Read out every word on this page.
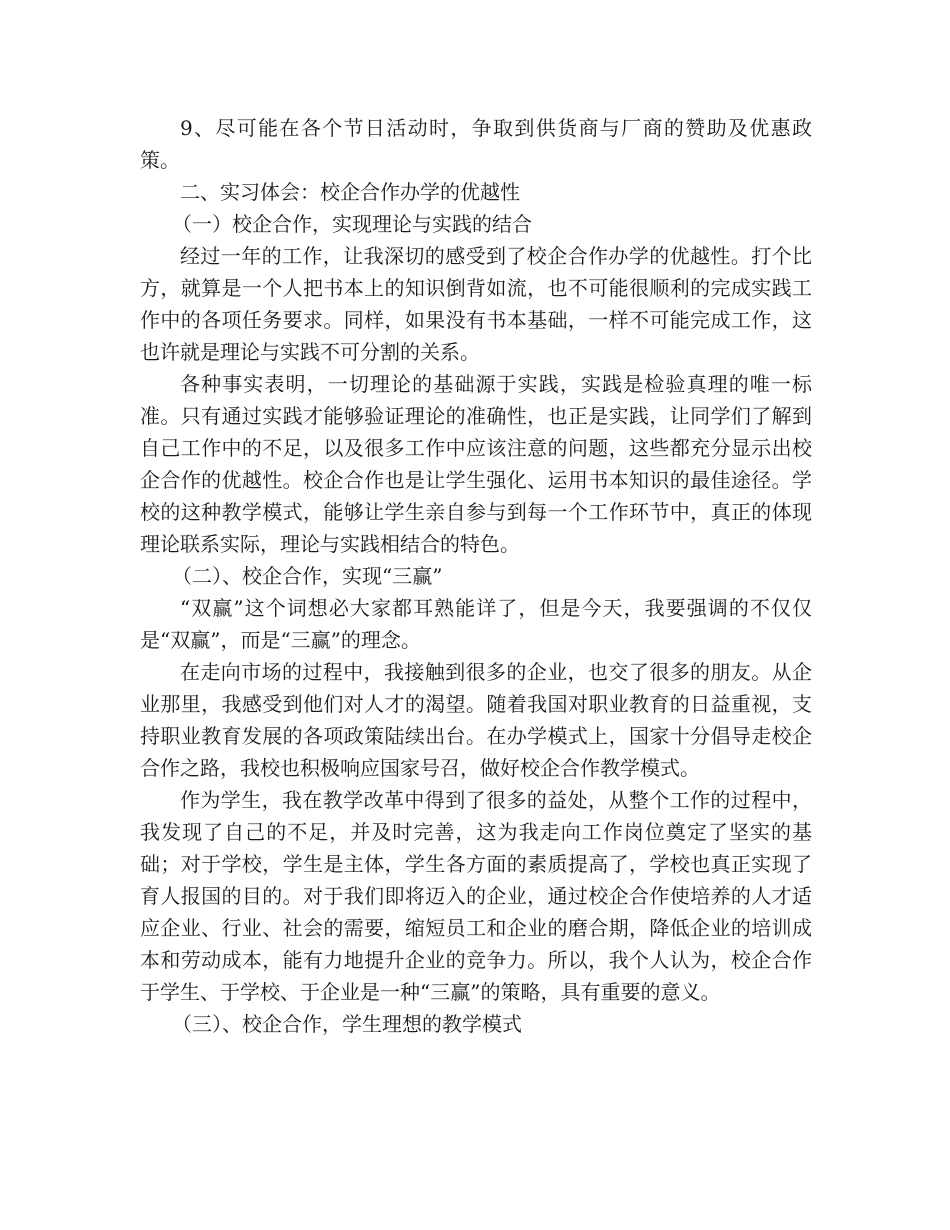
9、尽可能在各个节日活动时，争取到供货商与厂商的赞助及优惠政策。

二、实习体会：校企合作办学的优越性

（一）校企合作，实现理论与实践的结合

经过一年的工作，让我深切的感受到了校企合作办学的优越性。打个比方，就算是一个人把书本上的知识倒背如流，也不可能很顺利的完成实践工作中的各项任务要求。同样，如果没有书本基础，一样不可能完成工作，这也许就是理论与实践不可分割的关系。

各种事实表明，一切理论的基础源于实践，实践是检验真理的唯一标准。只有通过实践才能够验证理论的准确性，也正是实践，让同学们了解到自己工作中的不足，以及很多工作中应该注意的问题，这些都充分显示出校企合作的优越性。校企合作也是让学生强化、运用书本知识的最佳途径。学校的这种教学模式，能够让学生亲自参与到每一个工作环节中，真正的体现理论联系实际，理论与实践相结合的特色。

（二）、校企合作，实现“三赢”

“双赢”这个词想必大家都耳熟能详了，但是今天，我要强调的不仅仅是“双赢”，而是“三赢”的理念。

在走向市场的过程中，我接触到很多的企业，也交了很多的朋友。从企业那里，我感受到他们对人才的渴望。随着我国对职业教育的日益重视，支持职业教育发展的各项政策陆续出台。在办学模式上，国家十分倡导走校企合作之路，我校也积极响应国家号召，做好校企合作教学模式。

作为学生，我在教学改革中得到了很多的益处，从整个工作的过程中，我发现了自己的不足，并及时完善，这为我走向工作岗位奠定了坚实的基础；对于学校，学生是主体，学生各方面的素质提高了，学校也真正实现了育人报国的目的。对于我们即将迈入的企业，通过校企合作使培养的人才适应企业、行业、社会的需要，缩短员工和企业的磨合期，降低企业的培训成本和劳动成本，能有力地提升企业的竞争力。所以，我个人认为，校企合作于学生、于学校、于企业是一种“三赢”的策略，具有重要的意义。

（三）、校企合作，学生理想的教学模式
